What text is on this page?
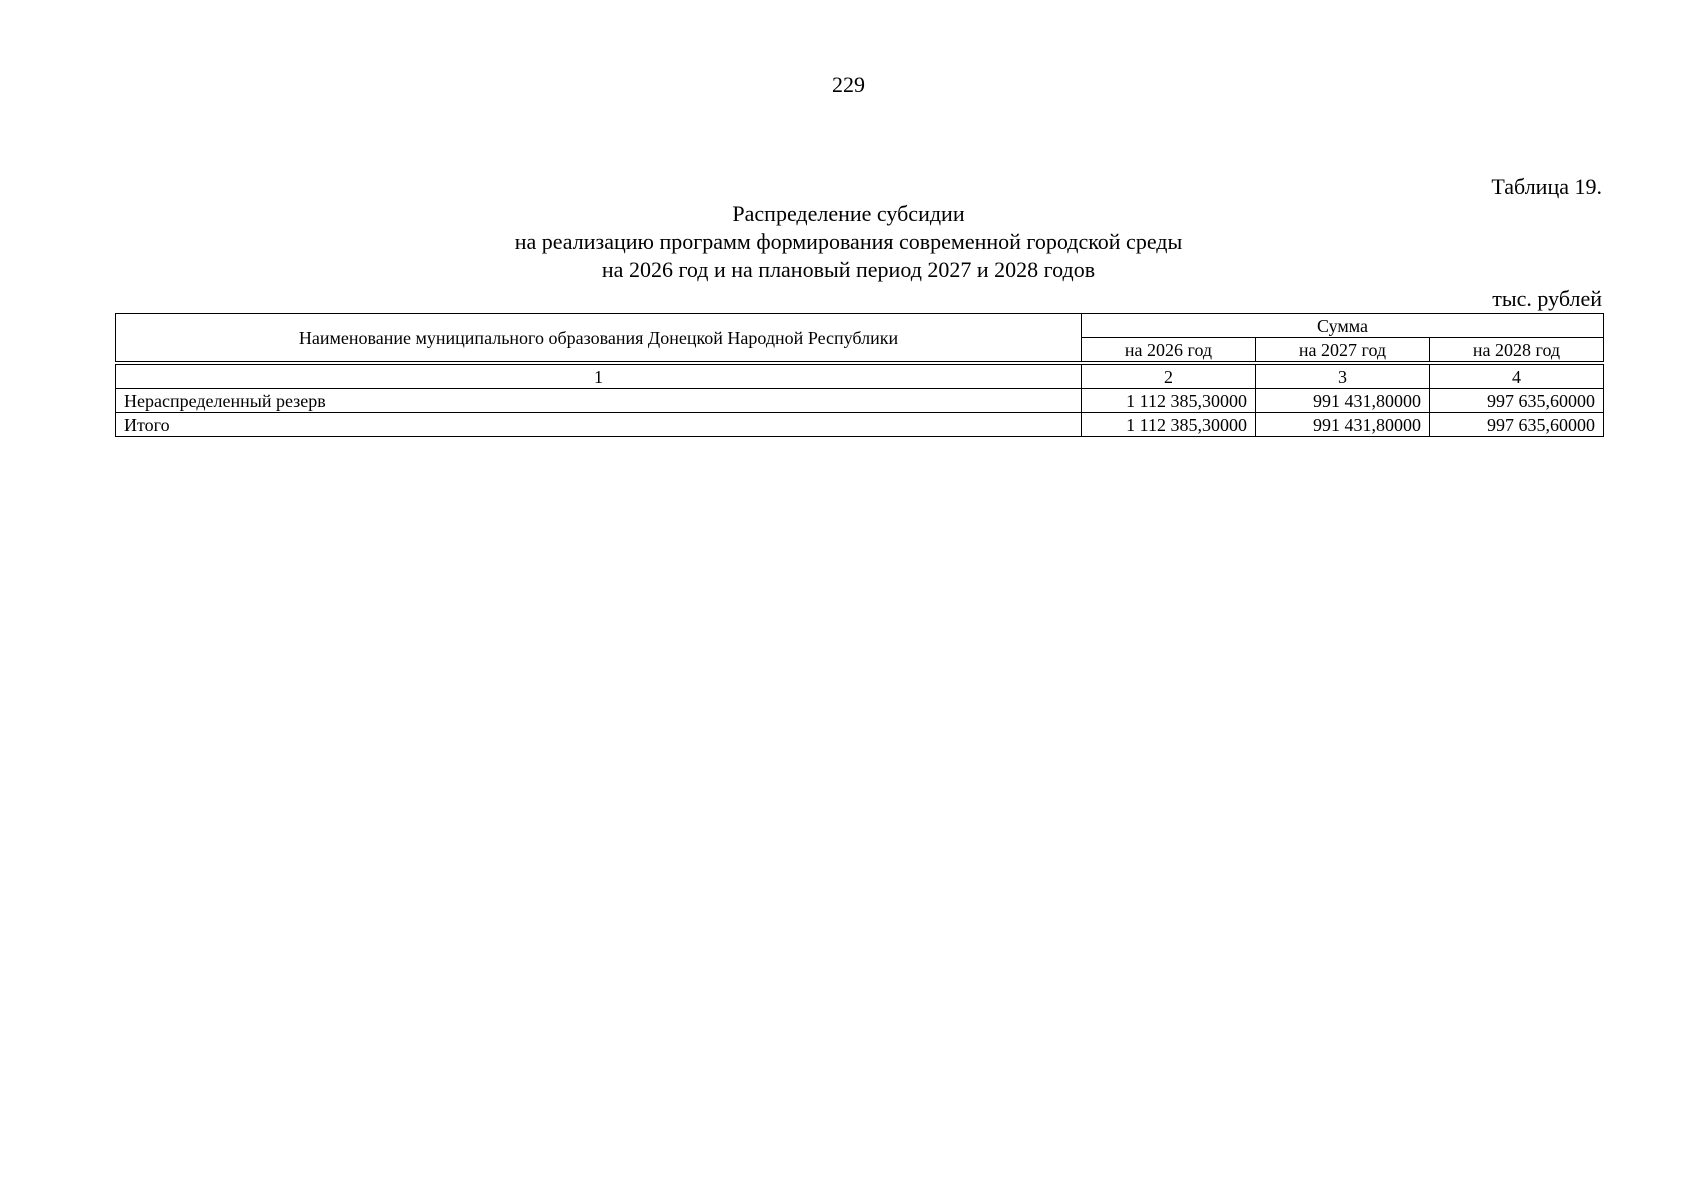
229
Таблица 19.
Распределение субсидии
на реализацию программ формирования современной городской среды
на 2026 год и на плановый период 2027 и 2028 годов
тыс. рублей
Наименование муниципального образования Донецкой Народной Республики	Сумма		
	на 2026 год	на 2027 год	на 2028 год

1	2	3	4
Нераспределенный резерв	1 112 385,30000	991 431,80000	997 635,60000
Итого	1 112 385,30000	991 431,80000	997 635,60000
